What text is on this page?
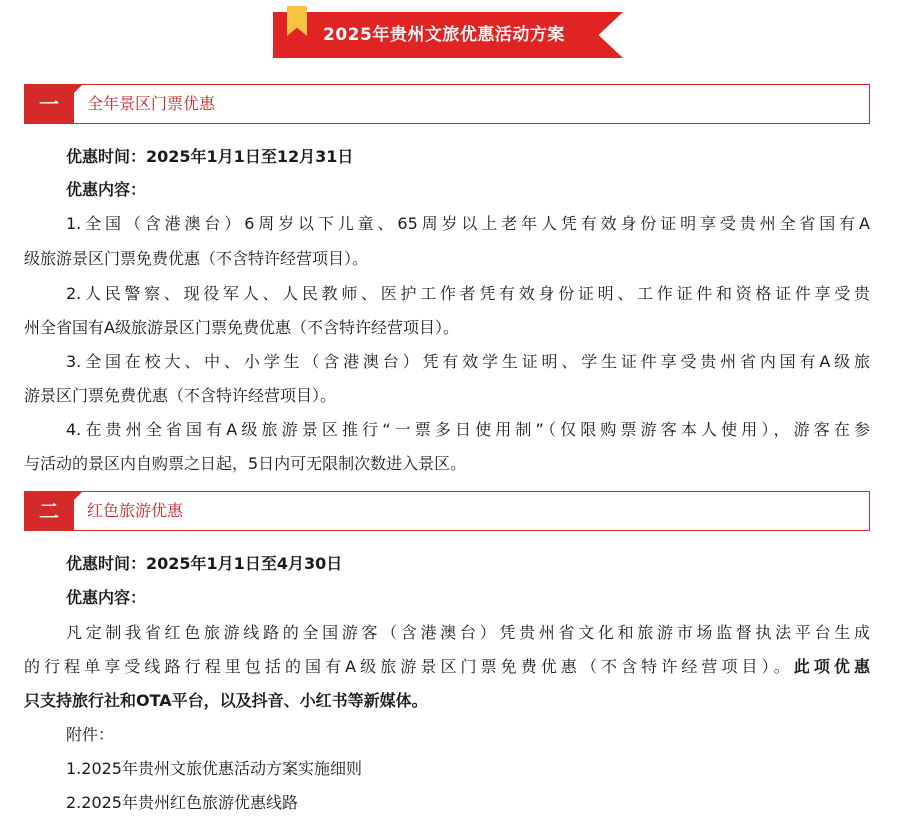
2025年贵州文旅优惠活动方案
一	全年景区门票优惠
优惠时间：2025年1月1日至12月31日
优惠内容：
1.全国（含港澳台）6周岁以下儿童、65周岁以上老年人凭有效身份证明享受贵州全省国有A
级旅游景区门票免费优惠（不含特许经营项目）。
2.人民警察、现役军人、人民教师、医护工作者凭有效身份证明、工作证件和资格证件享受贵
州全省国有A级旅游景区门票免费优惠（不含特许经营项目）。
3.全国在校大、中、小学生（含港澳台）凭有效学生证明、学生证件享受贵州省内国有A级旅
游景区门票免费优惠（不含特许经营项目）。
4.在贵州全省国有A级旅游景区推行“一票多日使用制”（仅限购票游客本人使用），游客在参
与活动的景区内自购票之日起，5日内可无限制次数进入景区。
二	红色旅游优惠
优惠时间：2025年1月1日至4月30日
优惠内容：
凡定制我省红色旅游线路的全国游客（含港澳台）凭贵州省文化和旅游市场监督执法平台生成
的行程单享受线路行程里包括的国有A级旅游景区门票免费优惠（不含特许经营项目）。此项优惠
只支持旅行社和OTA平台，以及抖音、小红书等新媒体。
附件：
1.2025年贵州文旅优惠活动方案实施细则
2.2025年贵州红色旅游优惠线路
